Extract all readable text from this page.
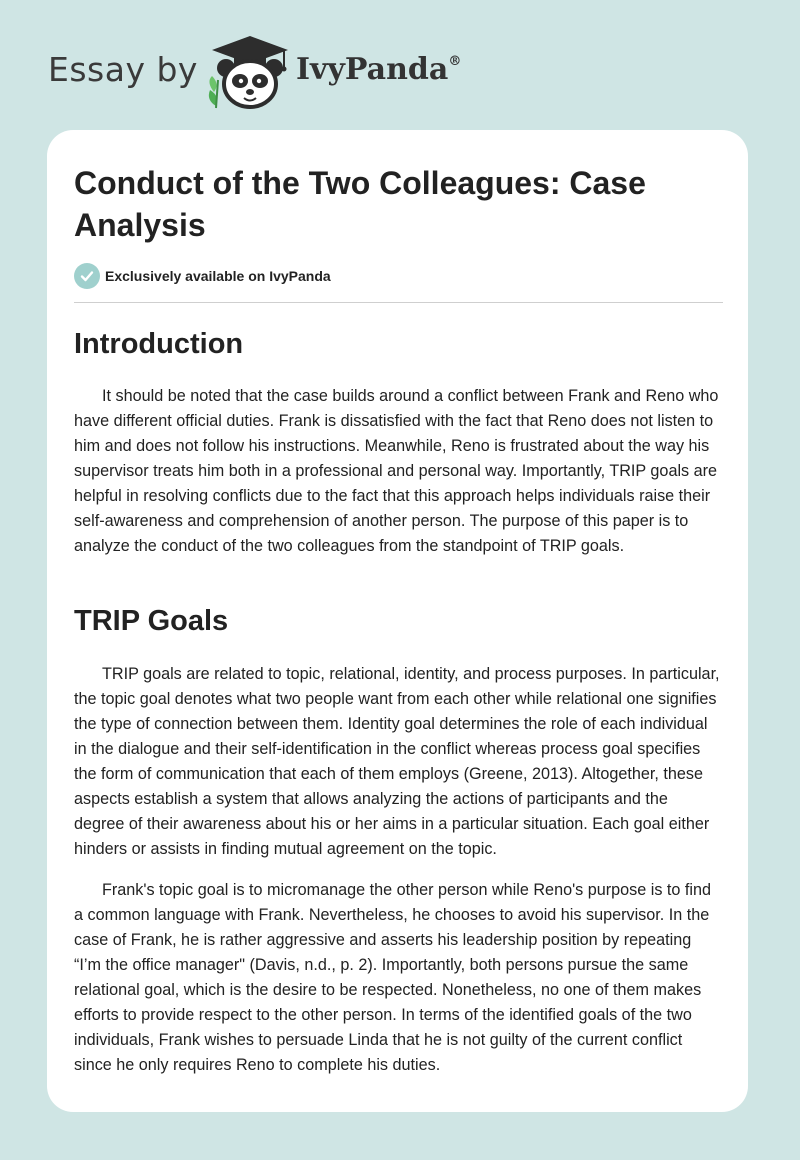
Essay by	IvyPanda®
Conduct of the Two Colleagues: Case Analysis
Exclusively available on IvyPanda
Introduction

It should be noted that the case builds around a conflict between Frank and Reno who have different official duties. Frank is dissatisfied with the fact that Reno does not listen to him and does not follow his instructions. Meanwhile, Reno is frustrated about the way his supervisor treats him both in a professional and personal way. Importantly, TRIP goals are helpful in resolving conflicts due to the fact that this approach helps individuals raise their self-awareness and comprehension of another person. The purpose of this paper is to analyze the conduct of the two colleagues from the standpoint of TRIP goals.

TRIP Goals

TRIP goals are related to topic, relational, identity, and process purposes. In particular, the topic goal denotes what two people want from each other while relational one signifies the type of connection between them. Identity goal determines the role of each individual in the dialogue and their self-identification in the conflict whereas process goal specifies the form of communication that each of them employs (Greene, 2013). Altogether, these aspects establish a system that allows analyzing the actions of participants and the degree of their awareness about his or her aims in a particular situation. Each goal either hinders or assists in finding mutual agreement on the topic.

Frank's topic goal is to micromanage the other person while Reno's purpose is to find a common language with Frank. Nevertheless, he chooses to avoid his supervisor. In the case of Frank, he is rather aggressive and asserts his leadership position by repeating “I’m the office manager" (Davis, n.d., p. 2). Importantly, both persons pursue the same relational goal, which is the desire to be respected. Nonetheless, no one of them makes efforts to provide respect to the other person. In terms of the identified goals of the two individuals, Frank wishes to persuade Linda that he is not guilty of the current conflict since he only requires Reno to complete his duties.
